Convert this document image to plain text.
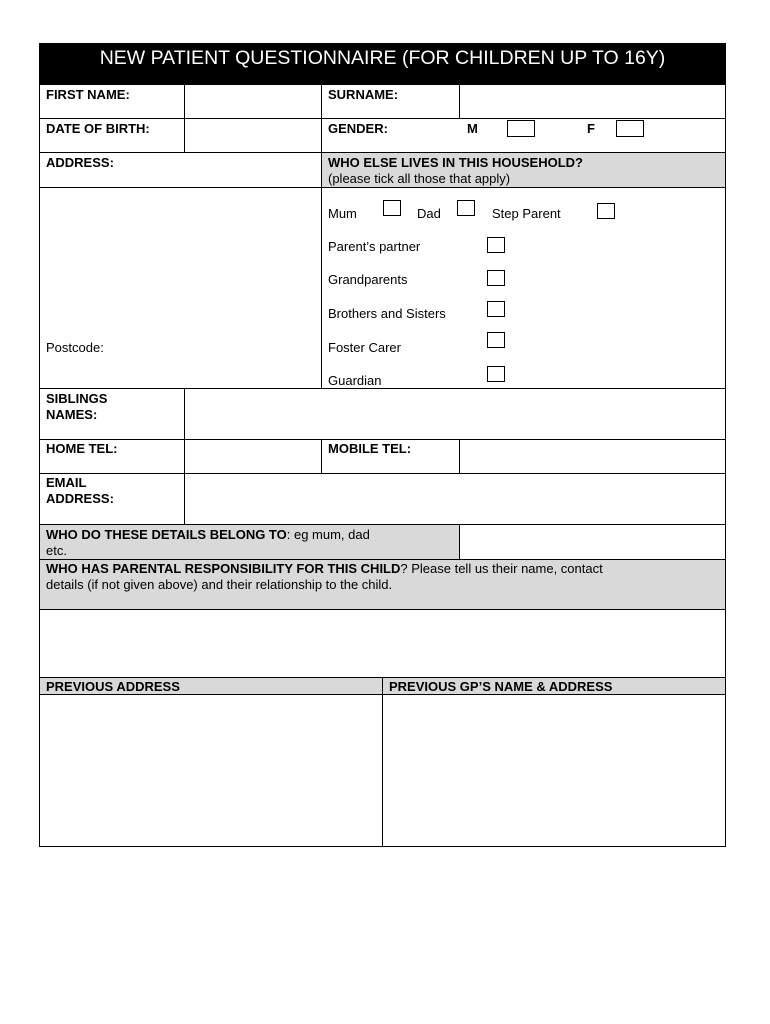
NEW PATIENT QUESTIONNAIRE (FOR CHILDREN UP TO 16Y)
FIRST NAME:	SURNAME:
DATE OF BIRTH:	GENDER:	M	F
ADDRESS:	WHO ELSE LIVES IN THIS HOUSEHOLD?
(please tick all those that apply)
Postcode:
Mum	Dad	Step Parent
Parent’s partner
Grandparents
Brothers and Sisters
Foster Carer
Guardian
SIBLINGS
NAMES:
HOME TEL:	MOBILE TEL:
EMAIL
ADDRESS:
WHO DO THESE DETAILS BELONG TO: eg mum, dad
etc.
WHO HAS PARENTAL RESPONSIBILITY FOR THIS CHILD? Please tell us their name, contact
details (if not given above) and their relationship to the child.
PREVIOUS ADDRESS	PREVIOUS GP’S NAME & ADDRESS
